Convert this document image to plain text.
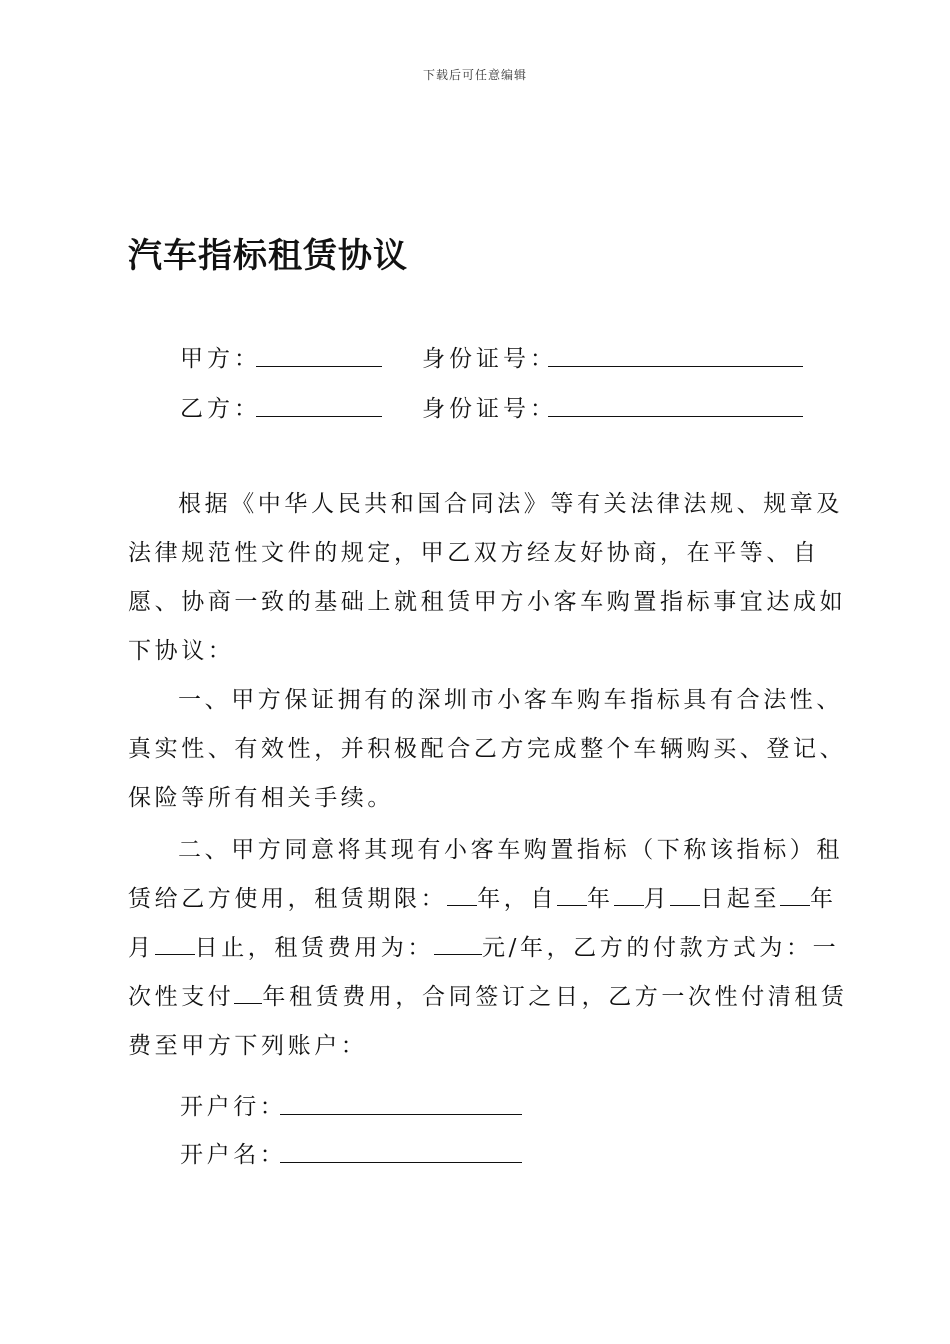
下载后可任意编辑
汽车指标租赁协议
甲方：	身份证号：
乙方：	身份证号：
根据《中华人民共和国合同法》等有关法律法规、规章及
法律规范性文件的规定，甲乙双方经友好协商，在平等、自
愿、协商一致的基础上就租赁甲方小客车购置指标事宜达成如
下协议：
一、甲方保证拥有的深圳市小客车购车指标具有合法性、
真实性、有效性，并积极配合乙方完成整个车辆购买、登记、
保险等所有相关手续。
二、甲方同意将其现有小客车购置指标（下称该指标）租
赁给乙方使用，租赁期限： 年，自 年 月 日起至 年
月 日止，租赁费用为： 元/年，乙方的付款方式为：一
次性支付 年租赁费用，合同签订之日，乙方一次性付清租赁
费至甲方下列账户：
开户行：
开户名：
